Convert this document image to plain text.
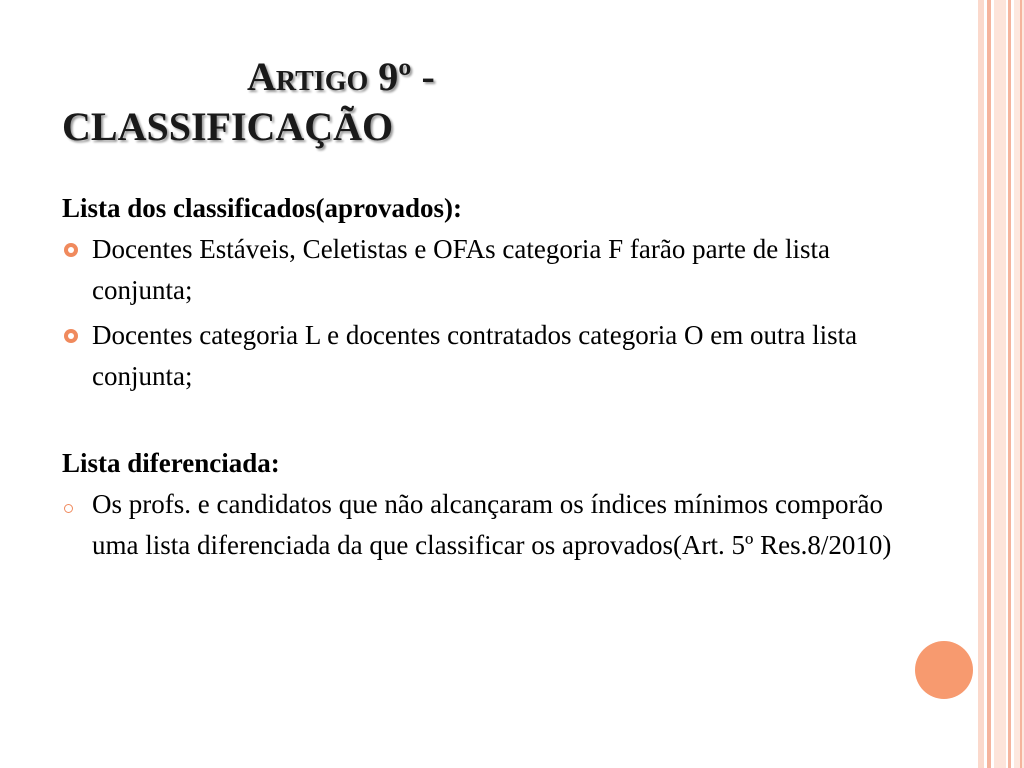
Artigo 9º -
CLASSIFICAÇÃO

Lista dos classificados(aprovados):

Docentes Estáveis, Celetistas e OFAs categoria F farão parte de lista conjunta;
Docentes categoria L e docentes contratados categoria O em outra lista conjunta;

Lista diferenciada:

Os profs. e candidatos que não alcançaram os índices mínimos comporão uma lista diferenciada da que classificar os aprovados(Art. 5º Res.8/2010)
